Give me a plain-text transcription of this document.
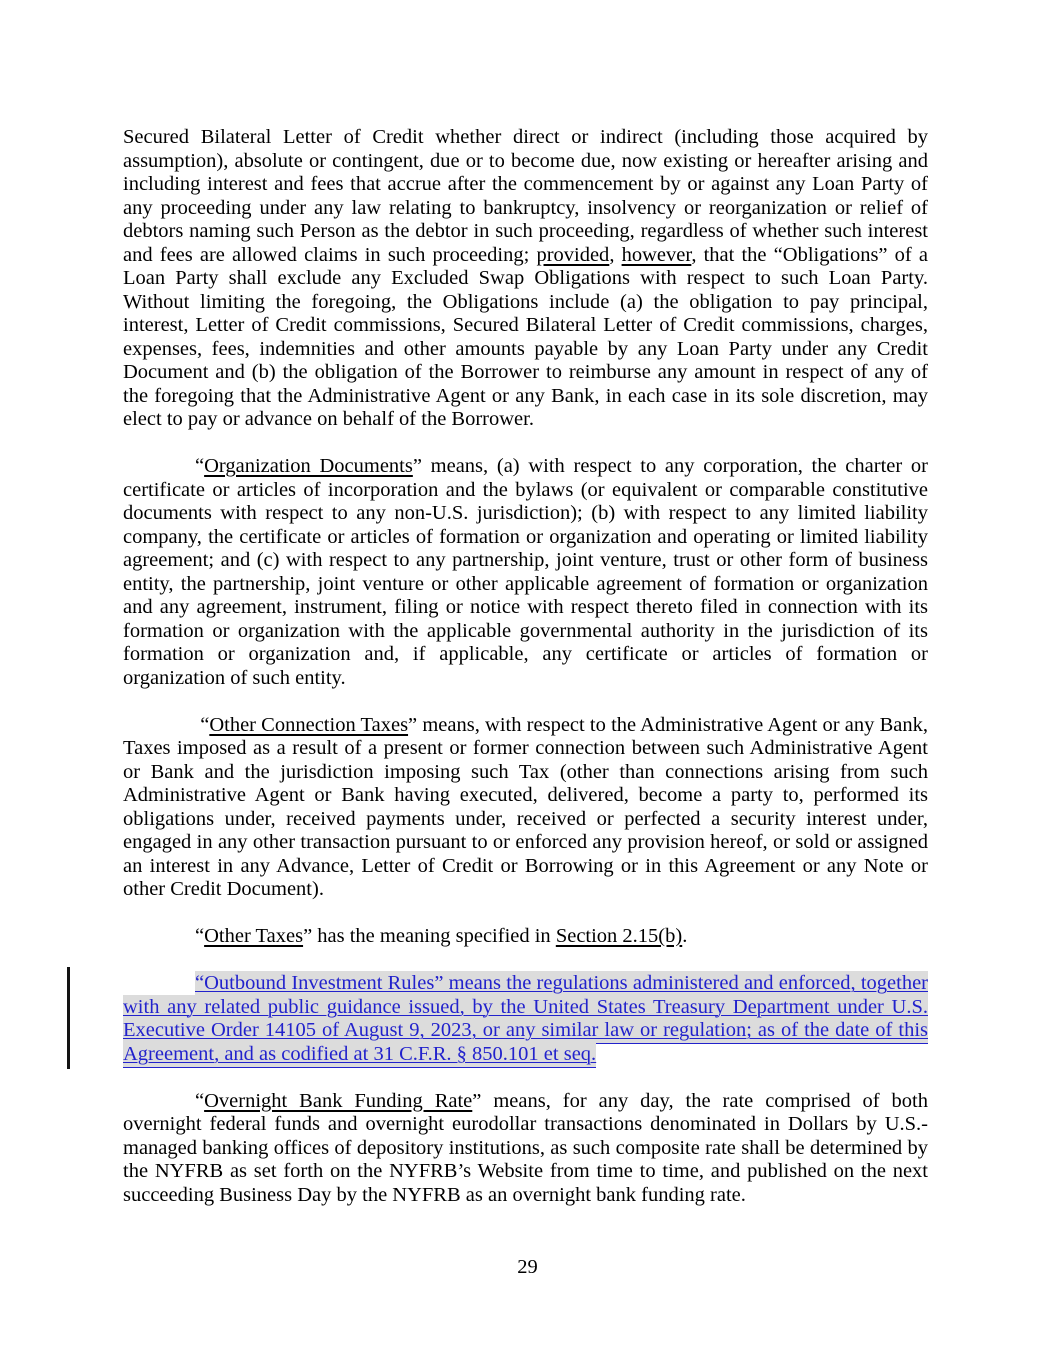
Secured Bilateral Letter of Credit whether direct or indirect (including those acquired by assumption), absolute or contingent, due or to become due, now existing or hereafter arising and including interest and fees that accrue after the commencement by or against any Loan Party of any proceeding under any law relating to bankruptcy, insolvency or reorganization or relief of debtors naming such Person as the debtor in such proceeding, regardless of whether such interest and fees are allowed claims in such proceeding; provided, however, that the “Obligations” of a Loan Party shall exclude any Excluded Swap Obligations with respect to such Loan Party. Without limiting the foregoing, the Obligations include (a) the obligation to pay principal, interest, Letter of Credit commissions, Secured Bilateral Letter of Credit commissions, charges, expenses, fees, indemnities and other amounts payable by any Loan Party under any Credit Document and (b) the obligation of the Borrower to reimburse any amount in respect of any of the foregoing that the Administrative Agent or any Bank, in each case in its sole discretion, may elect to pay or advance on behalf of the Borrower.

“Organization Documents” means, (a) with respect to any corporation, the charter or certificate or articles of incorporation and the bylaws (or equivalent or comparable constitutive documents with respect to any non-U.S. jurisdiction); (b) with respect to any limited liability company, the certificate or articles of formation or organization and operating or limited liability agreement; and (c) with respect to any partnership, joint venture, trust or other form of business entity, the partnership, joint venture or other applicable agreement of formation or organization and any agreement, instrument, filing or notice with respect thereto filed in connection with its formation or organization with the applicable governmental authority in the jurisdiction of its formation or organization and, if applicable, any certificate or articles of formation or organization of such entity.

“Other Connection Taxes” means, with respect to the Administrative Agent or any Bank, Taxes imposed as a result of a present or former connection between such Administrative Agent or Bank and the jurisdiction imposing such Tax (other than connections arising from such Administrative Agent or Bank having executed, delivered, become a party to, performed its obligations under, received payments under, received or perfected a security interest under, engaged in any other transaction pursuant to or enforced any provision hereof, or sold or assigned an interest in any Advance, Letter of Credit or Borrowing or in this Agreement or any Note or other Credit Document).

“Other Taxes” has the meaning specified in Section 2.15(b).

“Outbound Investment Rules” means the regulations administered and enforced, together with any related public guidance issued, by the United States Treasury Department under U.S. Executive Order 14105 of August 9, 2023, or any similar law or regulation; as of the date of this Agreement, and as codified at 31 C.F.R. § 850.101 et seq.

“Overnight Bank Funding Rate” means, for any day, the rate comprised of both overnight federal funds and overnight eurodollar transactions denominated in Dollars by U.S.-managed banking offices of depository institutions, as such composite rate shall be determined by the NYFRB as set forth on the NYFRB’s Website from time to time, and published on the next succeeding Business Day by the NYFRB as an overnight bank funding rate.

29
